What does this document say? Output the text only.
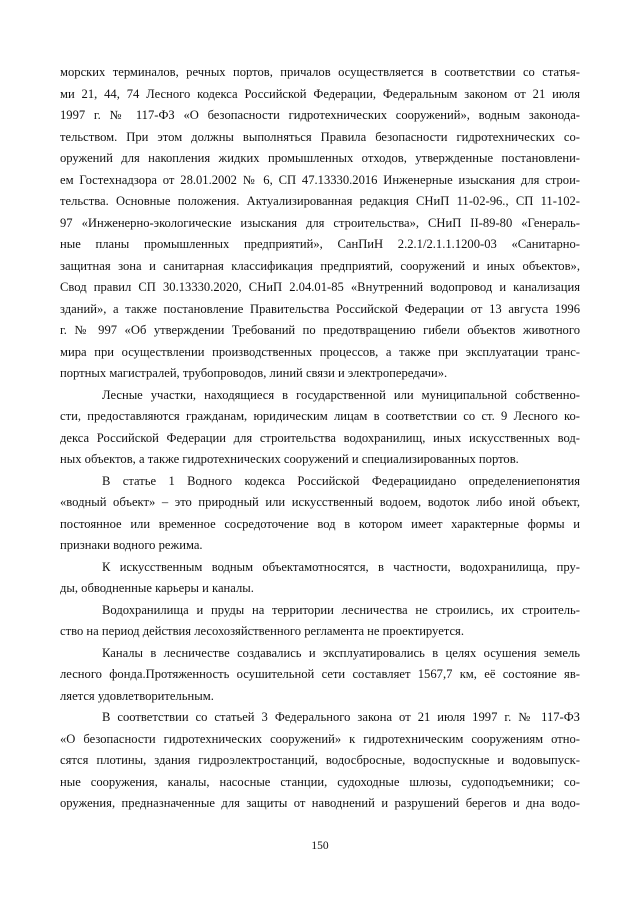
морских терминалов, речных портов, причалов осуществляется в соответствии со статья-
ми 21, 44, 74 Лесного кодекса Российской Федерации, Федеральным законом от 21 июля
1997 г. № 117-ФЗ «О безопасности гидротехнических сооружений», водным законода-
тельством. При этом должны выполняться Правила безопасности гидротехнических со-
оружений для накопления жидких промышленных отходов, утвержденные постановлени-
ем Гостехнадзора от 28.01.2002 № 6, СП 47.13330.2016 Инженерные изыскания для строи-
тельства. Основные положения. Актуализированная редакция СНиП 11-02-96., СП 11-102-
97 «Инженерно-экологические изыскания для строительства», СНиП II-89-80 «Генераль-
ные планы промышленных предприятий», СанПиН 2.2.1/2.1.1.1200-03 «Санитарно-
защитная зона и санитарная классификация предприятий, сооружений и иных объектов»,
Свод правил СП 30.13330.2020, СНиП 2.04.01-85 «Внутренний водопровод и канализация
зданий», а также постановление Правительства Российской Федерации от 13 августа 1996
г. № 997 «Об утверждении Требований по предотвращению гибели объектов животного
мира при осуществлении производственных процессов, а также при эксплуатации транс-
портных магистралей, трубопроводов, линий связи и электропередачи».

Лесные участки, находящиеся в государственной или муниципальной собственно-
сти, предоставляются гражданам, юридическим лицам в соответствии со ст. 9 Лесного ко-
декса Российской Федерации для строительства водохранилищ, иных искусственных вод-
ных объектов, а также гидротехнических сооружений и специализированных портов.

В статье 1 Водного кодекса Российской Федерацииданo определениепонятия
«водный объект» – это природный или искусственный водоем, водоток либо иной объект,
постоянное или временное сосредоточение вод в котором имеет характерные формы и
признаки водного режима.

К искусственным водным объектамотносятся, в частности, водохранилища, пру-
ды, обводненные карьеры и каналы.

Водохранилища и пруды на территории лесничества не строились, их строитель-
ство на период действия лесохозяйственного регламента не проектируется.

Каналы в лесничестве создавались и эксплуатировались в целях осушения земель
лесного фонда.Протяженность осушительной сети составляет 1567,7 км, её состояние яв-
ляется удовлетворительным.

В соответствии со статьей 3 Федерального закона от 21 июля 1997 г. № 117-ФЗ
«О безопасности гидротехнических сооружений» к гидротехническим сооружениям отно-
сятся плотины, здания гидроэлектростанций, водосбросные, водоспускные и водовыпуск-
ные сооружения, каналы, насосные станции, судоходные шлюзы, судоподъемники; со-
оружения, предназначенные для защиты от наводнений и разрушений берегов и дна водо-

150
